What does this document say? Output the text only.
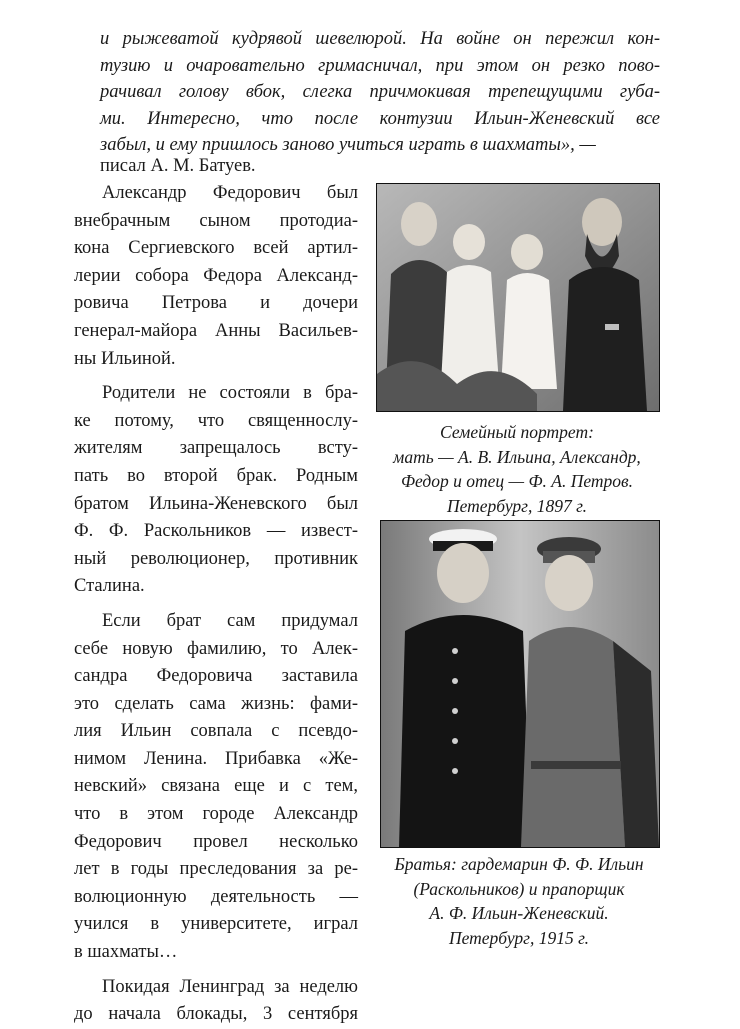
и рыжеватой кудрявой шевелюрой. На войне он пережил кон-
тузию и очаровательно гримасничал, при этом он резко пово-
рачивал голову вбок, слегка причмокивая трепещущими губа-
ми. Интересно, что после контузии Ильин-Женевский все
забыл, и ему пришлось заново учиться играть в шахматы», —
писал А. М. Батуев.

Александр Федорович был
внебрачным сыном протодиа-
кона Сергиевского всей артил-
лерии собора Федора Александ-
ровича Петрова и дочери
генерал-майора Анны Васильев-
ны Ильиной.

Родители не состояли в бра-
ке потому, что священнослу-
жителям запрещалось всту-
пать во второй брак. Родным
братом Ильина-Женевского был
Ф. Ф. Раскольников — извест-
ный революционер, противник
Сталина.

Если брат сам придумал
себе новую фамилию, то Алек-
сандра Федоровича заставила
это сделать сама жизнь: фами-
лия Ильин совпала с псевдо-
нимом Ленина. Прибавка «Же-
невский» связана еще и с тем,
что в этом городе Александр
Федорович провел несколько
лет в годы преследования за ре-
волюционную деятельность —
учился в университете, играл
в шахматы…

Покидая Ленинград за неделю
до начала блокады, 3 сентября

Семейный портрет:
мать — А. В. Ильина, Александр,
Федор и отец — Ф. А. Петров.
Петербург, 1897 г.
Братья: гардемарин Ф. Ф. Ильин
(Раскольников) и прапорщик
А. Ф. Ильин-Женевский.
Петербург, 1915 г.
